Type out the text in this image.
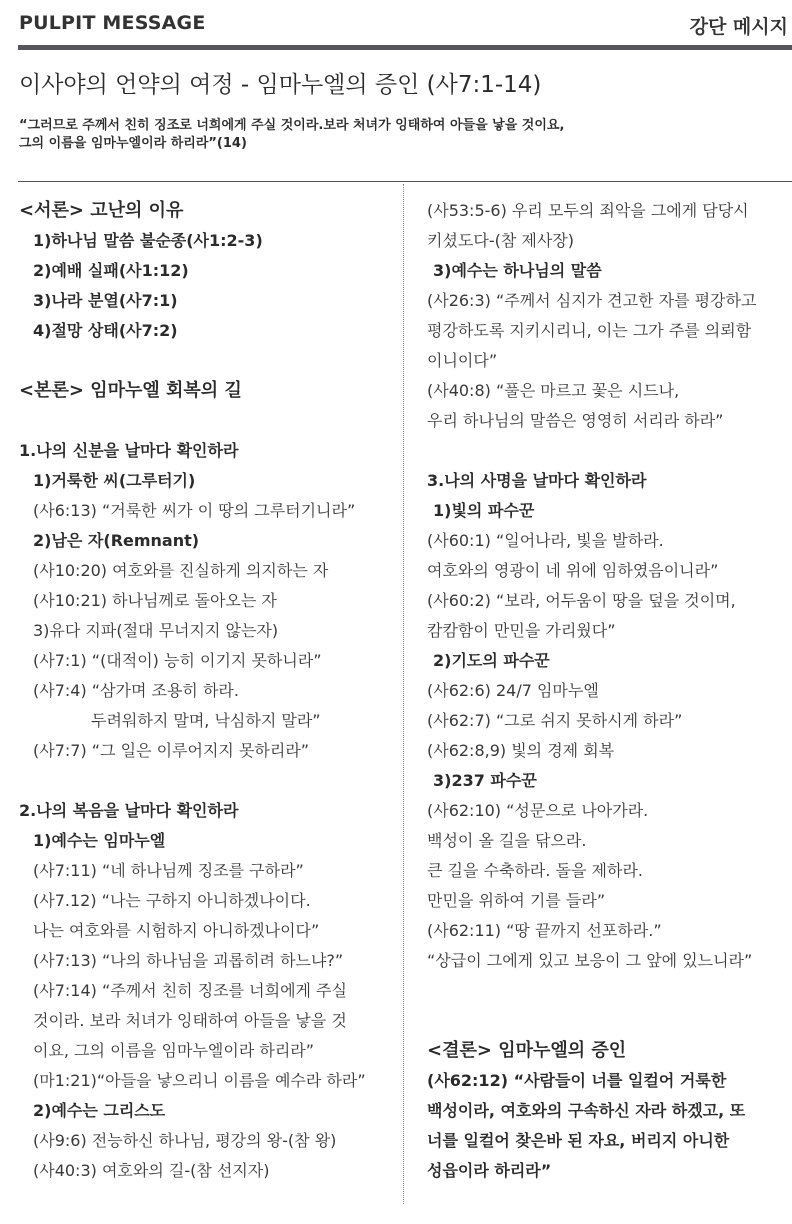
PULPIT MESSAGE	강단 메시지
이사야의 언약의 여정 - 임마누엘의 증인 (사7:1-14)
“그러므로 주께서 친히 징조로 너희에게 주실 것이라.보라 처녀가 잉태하여 아들을 낳을 것이요,
그의 이름을 임마누엘이라 하리라”(14)
<서론> 고난의 이유
1)하나님 말씀 불순종(사1:2-3)
2)예배 실패(사1:12)
3)나라 분열(사7:1)
4)절망 상태(사7:2)
<본론> 임마누엘 회복의 길
1.나의 신분을 날마다 확인하라
1)거룩한 씨(그루터기)
(사6:13) “거룩한 씨가 이 땅의 그루터기니라”
2)남은 자(Remnant)
(사10:20) 여호와를 진실하게 의지하는 자
(사10:21) 하나님께로 돌아오는 자
3)유다 지파(절대 무너지지 않는자)
(사7:1) “(대적이) 능히 이기지 못하니라”
(사7:4) “삼가며 조용히 하라.
두려워하지 말며, 낙심하지 말라”
(사7:7) “그 일은 이루어지지 못하리라”
2.나의 복음을 날마다 확인하라
1)예수는 임마누엘
(사7:11) “네 하나님께 징조를 구하라”
(사7.12) “나는 구하지 아니하겠나이다.
나는 여호와를 시험하지 아니하겠나이다”
(사7:13) “나의 하나님을 괴롭히려 하느냐?”
(사7:14) “주께서 친히 징조를 너희에게 주실
것이라. 보라 처녀가 잉태하여 아들을 낳을 것
이요, 그의 이름을 임마누엘이라 하리라”
(마1:21)“아들을 낳으리니 이름을 예수라 하라”
2)예수는 그리스도
(사9:6) 전능하신 하나님, 평강의 왕-(참 왕)
(사40:3) 여호와의 길-(참 선지자)
(사53:5-6) 우리 모두의 죄악을 그에게 담당시
키셨도다-(참 제사장)
3)예수는 하나님의 말씀
(사26:3) “주께서 심지가 견고한 자를 평강하고
평강하도록 지키시리니, 이는 그가 주를 의뢰함
이니이다”
(사40:8) “풀은 마르고 꽃은 시드나,
우리 하나님의 말씀은 영영히 서리라 하라”
3.나의 사명을 날마다 확인하라
1)빛의 파수꾼
(사60:1) “일어나라, 빛을 발하라.
여호와의 영광이 네 위에 임하였음이니라”
(사60:2) “보라, 어두움이 땅을 덮을 것이며,
캄캄함이 만민을 가리웠다”
2)기도의 파수꾼
(사62:6) 24/7 임마누엘
(사62:7) “그로 쉬지 못하시게 하라”
(사62:8,9) 빛의 경제 회복
3)237 파수꾼
(사62:10) “성문으로 나아가라.
백성이 올 길을 닦으라.
큰 길을 수축하라. 돌을 제하라.
만민을 위하여 기를 들라”
(사62:11) “땅 끝까지 선포하라.”
“상급이 그에게 있고 보응이 그 앞에 있느니라”
<결론> 임마누엘의 증인
(사62:12) “사람들이 너를 일컬어 거룩한
백성이라, 여호와의 구속하신 자라 하겠고, 또
너를 일컬어 찾은바 된 자요, 버리지 아니한
성읍이라 하리라”
